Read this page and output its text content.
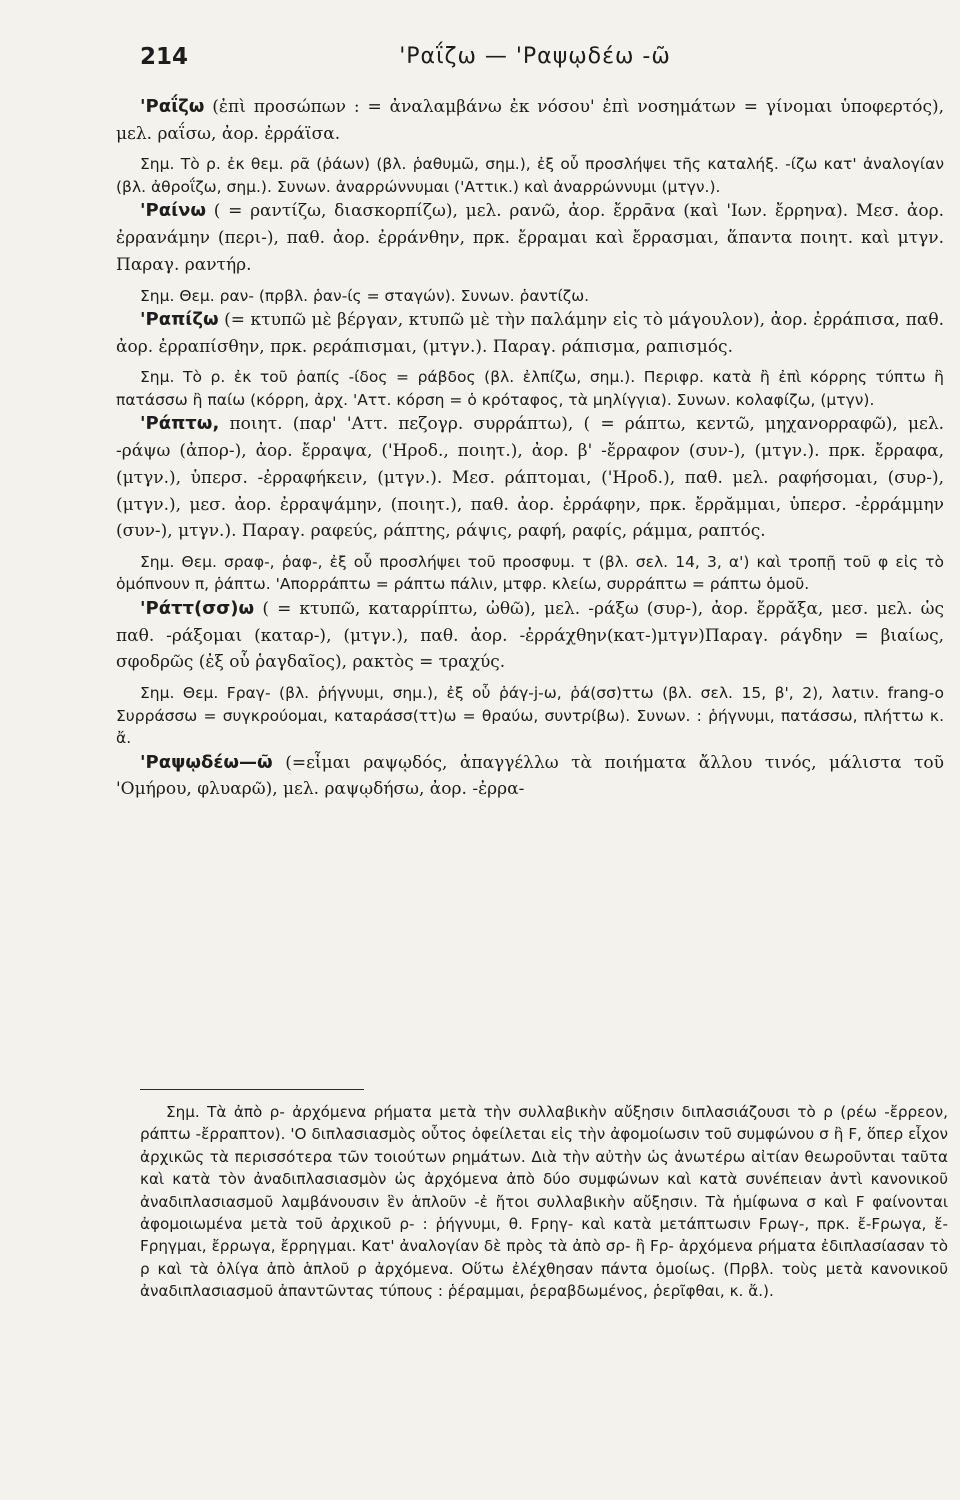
214	'Ραΐζω — 'Ραψῳδέω -ῶ

'Ραΐζω (ἐπὶ προσώπων : = ἀναλαμβάνω ἐκ νόσου' ἐπὶ νοσημάτων = γίνομαι ὑποφερτός), μελ. ραΐσω, ἀορ. ἐρράϊσα.

Σημ. Τὸ ρ. ἐκ θεμ. ρᾶ (ῥάων) (βλ. ῥαθυμῶ, σημ.), ἐξ οὗ προσλήψει τῆς καταλήξ. -ίζω κατ' ἀναλογίαν (βλ. ἀθροΐζω, σημ.). Συνων. ἀναρρώννυμαι ('Αττικ.) καὶ ἀναρρώννυμι (μτγν.).

'Ραίνω ( = ραντίζω, διασκορπίζω), μελ. ρανῶ, ἀορ. ἔρρᾱνα (καὶ 'Ιων. ἔρρηνα). Μεσ. ἀορ. ἐρρανάμην (περι-), παθ. ἀορ. ἐρράνθην, πρκ. ἔρραμαι καὶ ἔρρασμαι, ἅπαντα ποιητ. καὶ μτγν. Παραγ. ραντήρ.

Σημ. Θεμ. ραν- (πρβλ. ῥαν-ίς = σταγών). Συνων. ῥαντίζω.

'Ραπίζω (= κτυπῶ μὲ βέργαν, κτυπῶ μὲ τὴν παλάμην εἰς τὸ μάγουλον), ἀορ. ἐρράπισα, παθ. ἀορ. ἐρραπίσθην, πρκ. ρεράπισμαι, (μτγν.). Παραγ. ράπισμα, ραπισμός.

Σημ. Τὸ ρ. ἐκ τοῦ ῥαπίς -ίδος = ράβδος (βλ. ἐλπίζω, σημ.). Περιφρ. κατὰ ἢ ἐπὶ κόρρης τύπτω ἢ πατάσσω ἢ παίω (κόρρη, ἀρχ. 'Αττ. κόρση = ὁ κρόταφος, τὰ μηλίγγια). Συνων. κολαφίζω, (μτγν).

'Ράπτω, ποιητ. (παρ' 'Αττ. πεζογρ. συρράπτω), ( = ράπτω, κεντῶ, μηχανορραφῶ), μελ. -ράψω (ἀπορ-), ἀορ. ἔρραψα, ('Ηροδ., ποιητ.), ἀορ. β' -ἔρραφον (συν-), (μτγν.). πρκ. ἔρραφα, (μτγν.), ὑπερσ. -ἐρραφήκειν, (μτγν.). Μεσ. ράπτομαι, ('Ηροδ.), παθ. μελ. ραφήσομαι, (συρ-), (μτγν.), μεσ. ἀορ. ἐρραψάμην, (ποιητ.), παθ. ἀορ. ἐρράφην, πρκ. ἔρρᾰμμαι, ὑπερσ. -ἐρράμμην (συν-), μτγν.). Παραγ. ραφεύς, ράπτης, ράψις, ραφή, ραφίς, ράμμα, ραπτός.

Σημ. Θεμ. σραφ-, ῥαφ-, ἐξ οὗ προσλήψει τοῦ προσφυμ. τ (βλ. σελ. 14, 3, α') καὶ τροπῇ τοῦ φ εἰς τὸ ὁμόπνουν π, ῥάπτω. 'Απορράπτω = ράπτω πάλιν, μτφρ. κλείω, συρράπτω = ράπτω ὁμοῦ.

'Ράττ(σσ)ω ( = κτυπῶ, καταρρίπτω, ὠθῶ), μελ. -ράξω (συρ-), ἀορ. ἔρρᾰξα, μεσ. μελ. ὡς παθ. -ράξομαι (καταρ-), (μτγν.), παθ. ἀορ. -ἐρράχθην(κατ-)μτγν)Παραγ. ράγδην = βιαίως, σφοδρῶς (ἐξ οὗ ῥαγδαῖος), ρακτὸς = τραχύς.

Σημ. Θεμ. Fραγ- (βλ. ῥήγνυμι, σημ.), ἐξ οὗ ῥάγ-j-ω, ῥά(σσ)ττω (βλ. σελ. 15, β', 2), λατιν. frang-o Συρράσσω = συγκρούομαι, καταράσσ(ττ)ω = θραύω, συντρίβω). Συνων. : ῥήγνυμι, πατάσσω, πλήττω κ. ἄ.

'Ραψῳδέω—ῶ (=εἶμαι ραψῳδός, ἀπαγγέλλω τὰ ποιήματα ἄλλου τινός, μάλιστα τοῦ 'Ομήρου, φλυαρῶ), μελ. ραψῳδήσω, ἀορ. -ἐρρα-

Σημ. Τὰ ἀπὸ ρ- ἀρχόμενα ρήματα μετὰ τὴν συλλαβικὴν αὔξησιν διπλασιάζουσι τὸ ρ (ρέω -ἔρρεον, ράπτω -ἔρραπτον). 'Ο διπλασιασμὸς οὗτος ὀφείλεται εἰς τὴν ἀφομοίωσιν τοῦ συμφώνου σ ἢ F, ὅπερ εἶχον ἀρχικῶς τὰ περισσότερα τῶν τοιούτων ρημάτων. Διὰ τὴν αὐτὴν ὡς ἀνωτέρω αἰτίαν θεωροῦνται ταῦτα καὶ κατὰ τὸν ἀναδιπλασιασμὸν ὡς ἀρχόμενα ἀπὸ δύο συμφώνων καὶ κατὰ συνέπειαν ἀντὶ κανονικοῦ ἀναδιπλασιασμοῦ λαμβάνουσιν ἓν ἁπλοῦν -ἐ ἤτοι συλλαβικὴν αὔξησιν. Τὰ ἡμίφωνα σ καὶ F φαίνονται ἀφομοιωμένα μετὰ τοῦ ἀρχικοῦ ρ- : ῥήγνυμι, θ. Fρηγ- καὶ κατὰ μετάπτωσιν Fρωγ-, πρκ. ἔ-Fρωγα, ἔ-Fρηγμαι, ἔρρωγα, ἔρρηγμαι. Κατ' ἀναλογίαν δὲ πρὸς τὰ ἀπὸ σρ- ἢ Fρ- ἀρχόμενα ρήματα ἐδιπλασίασαν τὸ ρ καὶ τὰ ὀλίγα ἀπὸ ἁπλοῦ ρ ἀρχόμενα. Οὕτω ἐλέχθησαν πάντα ὁμοίως. (Πρβλ. τοὺς μετὰ κανονικοῦ ἀναδιπλασιασμοῦ ἀπαντῶντας τύπους : ῥέραμμαι, ῥεραβδωμένος, ῥερῖφθαι, κ. ἄ.).
